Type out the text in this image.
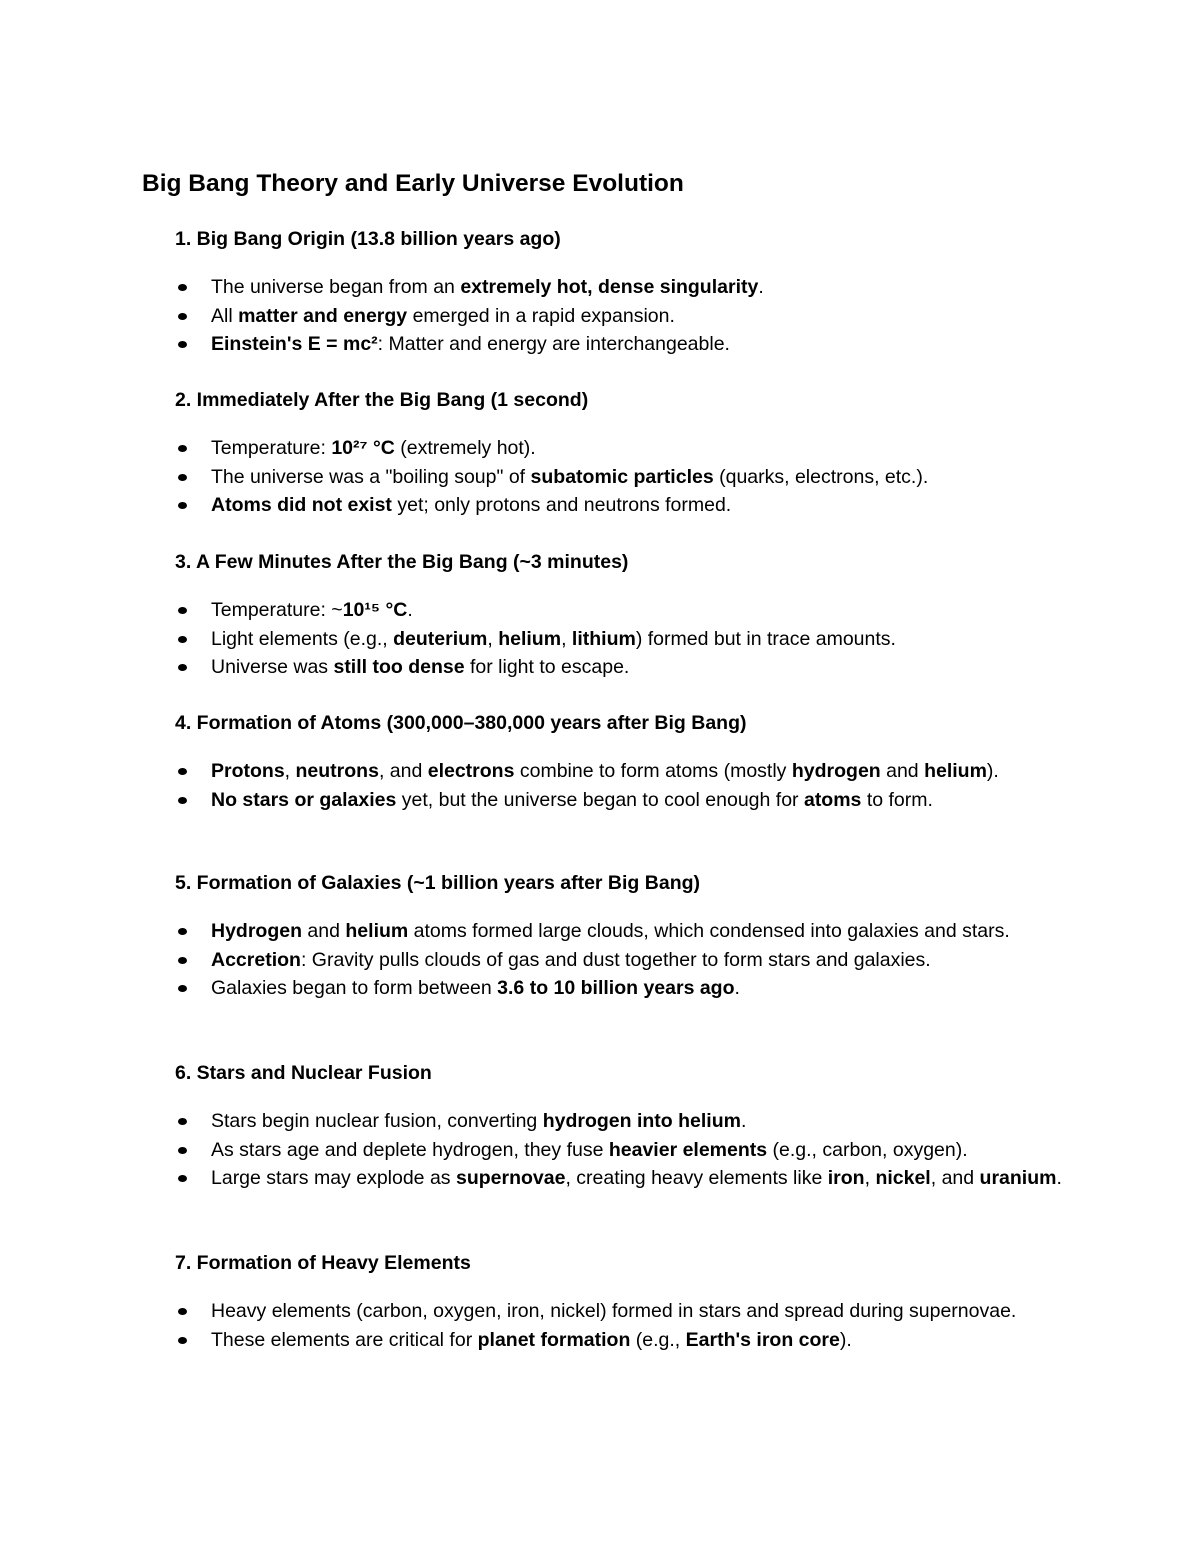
Big Bang Theory and Early Universe Evolution
1. Big Bang Origin (13.8 billion years ago)
The universe began from an extremely hot, dense singularity.
All matter and energy emerged in a rapid expansion.
Einstein's E = mc²: Matter and energy are interchangeable.
2. Immediately After the Big Bang (1 second)
Temperature: 10²⁷ °C (extremely hot).
The universe was a "boiling soup" of subatomic particles (quarks, electrons, etc.).
Atoms did not exist yet; only protons and neutrons formed.
3. A Few Minutes After the Big Bang (~3 minutes)
Temperature: ~10¹⁵ °C.
Light elements (e.g., deuterium, helium, lithium) formed but in trace amounts.
Universe was still too dense for light to escape.
4. Formation of Atoms (300,000–380,000 years after Big Bang)
Protons, neutrons, and electrons combine to form atoms (mostly hydrogen and helium).
No stars or galaxies yet, but the universe began to cool enough for atoms to form.
5. Formation of Galaxies (~1 billion years after Big Bang)
Hydrogen and helium atoms formed large clouds, which condensed into galaxies and stars.
Accretion: Gravity pulls clouds of gas and dust together to form stars and galaxies.
Galaxies began to form between 3.6 to 10 billion years ago.
6. Stars and Nuclear Fusion
Stars begin nuclear fusion, converting hydrogen into helium.
As stars age and deplete hydrogen, they fuse heavier elements (e.g., carbon, oxygen).
Large stars may explode as supernovae, creating heavy elements like iron, nickel, and uranium.
7. Formation of Heavy Elements
Heavy elements (carbon, oxygen, iron, nickel) formed in stars and spread during supernovae.
These elements are critical for planet formation (e.g., Earth's iron core).
